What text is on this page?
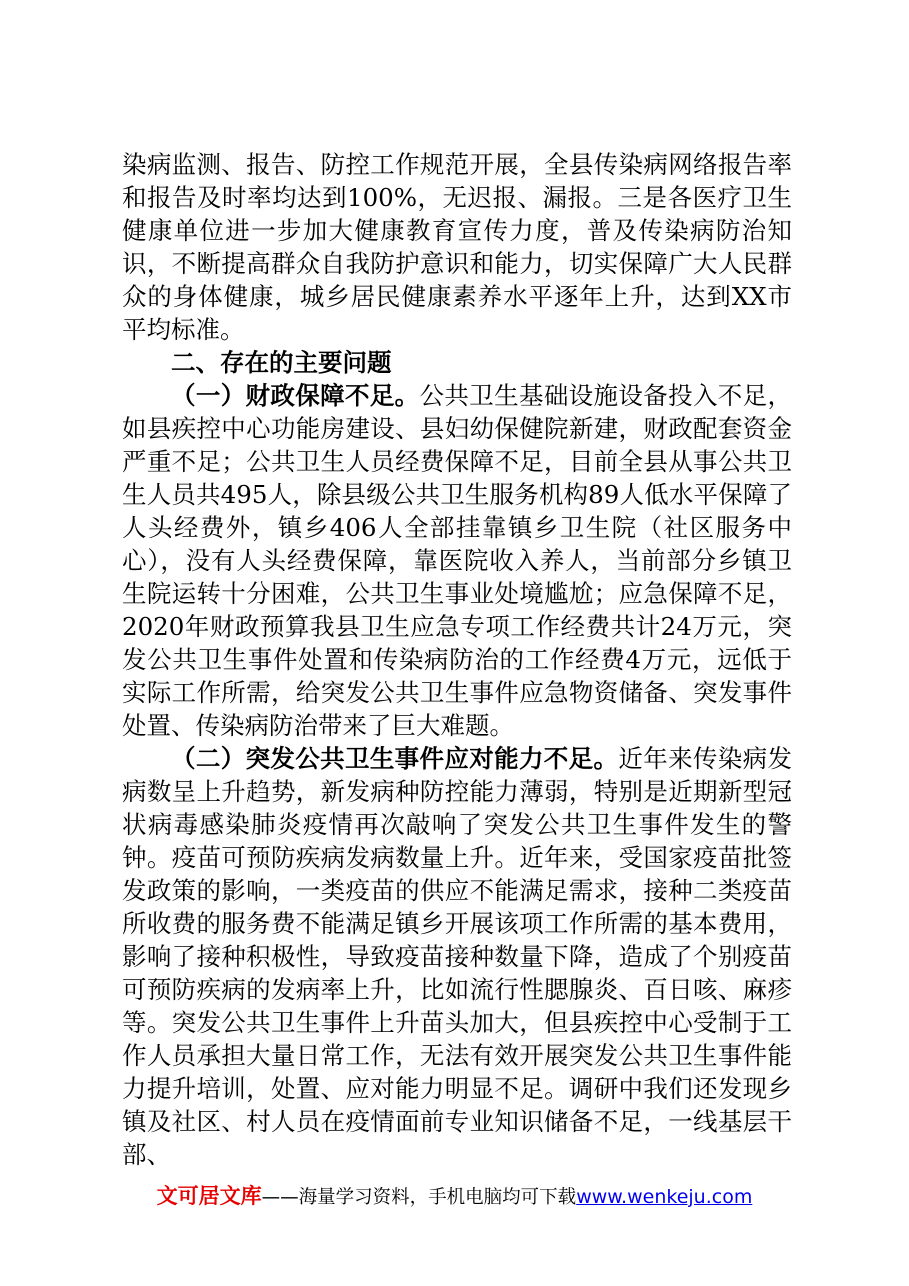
染病监测、报告、防控工作规范开展，全县传染病网络报告率和报告及时率均达到100%，无迟报、漏报。三是各医疗卫生健康单位进一步加大健康教育宣传力度，普及传染病防治知识，不断提高群众自我防护意识和能力，切实保障广大人民群众的身体健康，城乡居民健康素养水平逐年上升，达到XX市平均标准。

二、存在的主要问题

（一）财政保障不足。公共卫生基础设施设备投入不足，如县疾控中心功能房建设、县妇幼保健院新建，财政配套资金严重不足；公共卫生人员经费保障不足，目前全县从事公共卫生人员共495人，除县级公共卫生服务机构89人低水平保障了人头经费外，镇乡406人全部挂靠镇乡卫生院（社区服务中心），没有人头经费保障，靠医院收入养人，当前部分乡镇卫生院运转十分困难，公共卫生事业处境尴尬；应急保障不足，2020年财政预算我县卫生应急专项工作经费共计24万元，突发公共卫生事件处置和传染病防治的工作经费4万元，远低于实际工作所需，给突发公共卫生事件应急物资储备、突发事件处置、传染病防治带来了巨大难题。

（二）突发公共卫生事件应对能力不足。近年来传染病发病数呈上升趋势，新发病种防控能力薄弱，特别是近期新型冠状病毒感染肺炎疫情再次敲响了突发公共卫生事件发生的警钟。疫苗可预防疾病发病数量上升。近年来，受国家疫苗批签发政策的影响，一类疫苗的供应不能满足需求，接种二类疫苗所收费的服务费不能满足镇乡开展该项工作所需的基本费用，影响了接种积极性，导致疫苗接种数量下降，造成了个别疫苗可预防疾病的发病率上升，比如流行性腮腺炎、百日咳、麻疹等。突发公共卫生事件上升苗头加大，但县疾控中心受制于工作人员承担大量日常工作，无法有效开展突发公共卫生事件能力提升培训，处置、应对能力明显不足。调研中我们还发现乡镇及社区、村人员在疫情面前专业知识储备不足，一线基层干部、

文可居文库——海量学习资料，手机电脑均可下载www.wenkeju.com
